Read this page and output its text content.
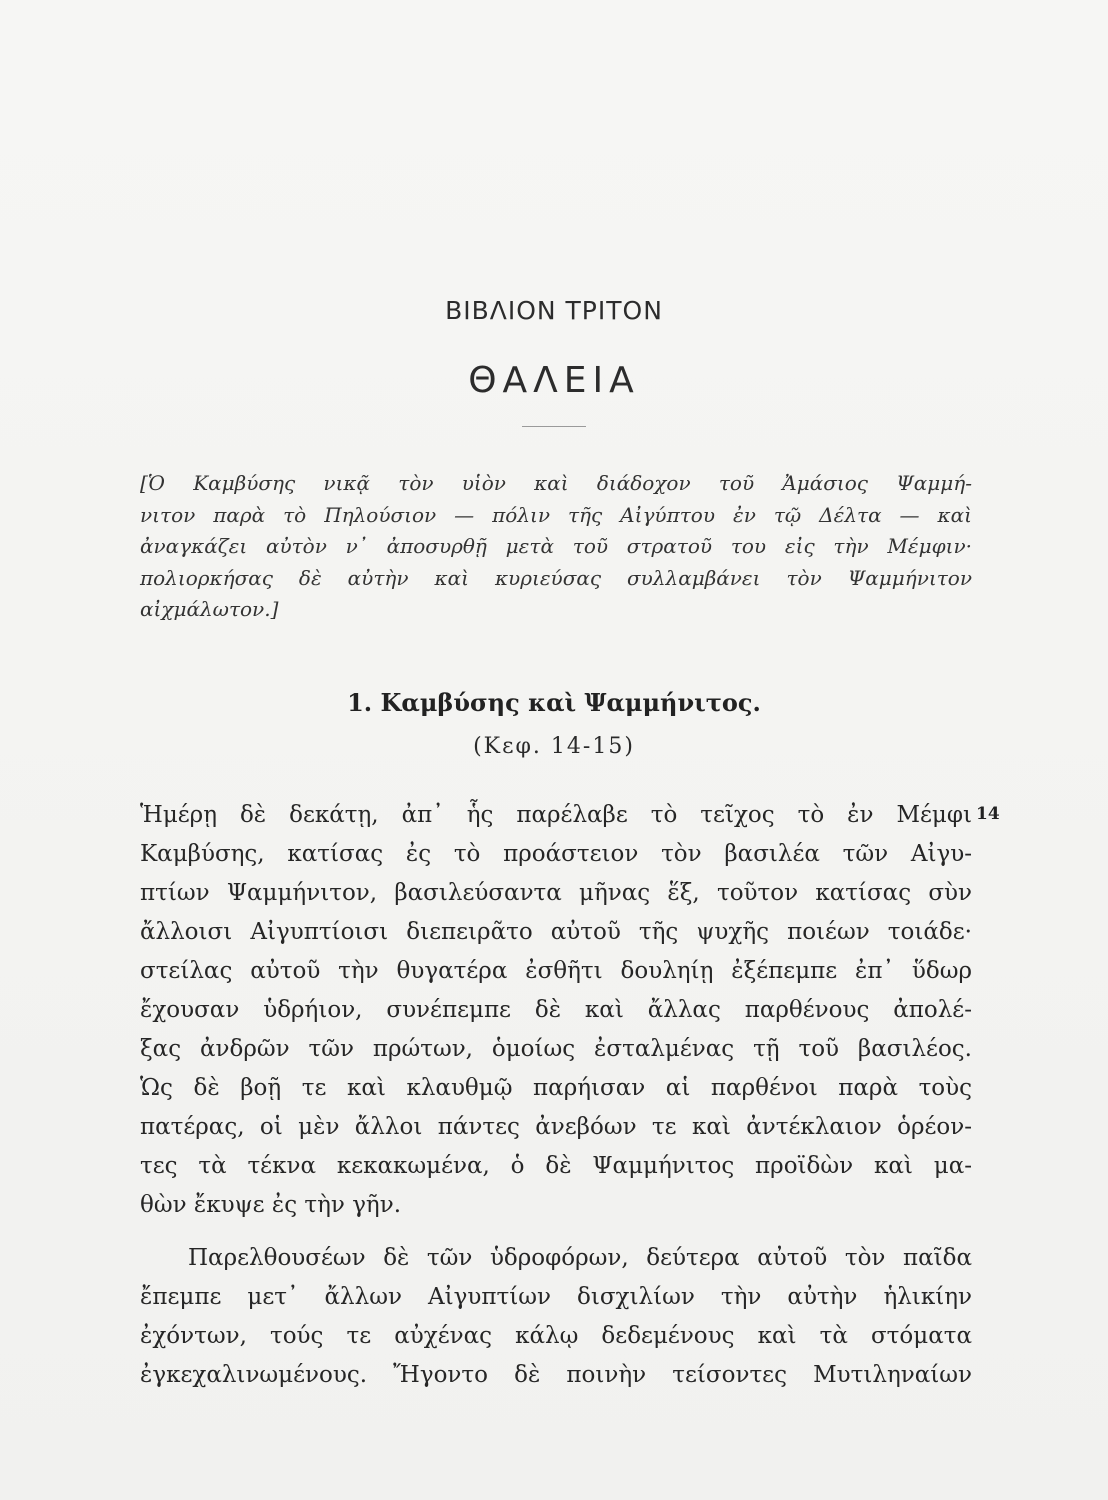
ΒΙΒΛΙΟΝ ΤΡΙΤΟΝ
ΘΑΛΕΙΑ
[Ὁ Καμβύσης νικᾷ τὸν υἱὸν καὶ διάδοχον τοῦ Ἀμάσιος Ψαμμή-
νιτον παρὰ τὸ Πηλούσιον — πόλιν τῆς Αἰγύπτου ἐν τῷ Δέλτα — καὶ
ἀναγκάζει αὐτὸν ν᾽ ἀποσυρθῇ μετὰ τοῦ στρατοῦ του εἰς τὴν Μέμφιν·
πολιορκήσας δὲ αὐτὴν καὶ κυριεύσας συλλαμβάνει τὸν Ψαμμήνιτον
αἰχμάλωτον.]
1. Καμβύσης καὶ Ψαμμήνιτος.
(Κεφ. 14-15)
14
Ἡμέρῃ δὲ δεκάτῃ, ἀπ᾽ ἧς παρέλαβε τὸ τεῖχος τὸ ἐν Μέμφι
Καμβύσης, κατίσας ἐς τὸ προάστειον τὸν βασιλέα τῶν Αἰγυ-
πτίων Ψαμμήνιτον, βασιλεύσαντα μῆνας ἕξ, τοῦτον κατίσας σὺν
ἄλλοισι Αἰγυπτίοισι διεπειρᾶτο αὐτοῦ τῆς ψυχῆς ποιέων τοιάδε·
στείλας αὐτοῦ τὴν θυγατέρα ἐσθῆτι δουληίῃ ἐξέπεμπε ἐπ᾽ ὕδωρ
ἔχουσαν ὑδρήιον, συνέπεμπε δὲ καὶ ἄλλας παρθένους ἀπολέ-
ξας ἀνδρῶν τῶν πρώτων, ὁμοίως ἐσταλμένας τῇ τοῦ βασιλέος.
Ὡς δὲ βοῇ τε καὶ κλαυθμῷ παρήισαν αἱ παρθένοι παρὰ τοὺς
πατέρας, οἱ μὲν ἄλλοι πάντες ἀνεβόων τε καὶ ἀντέκλαιον ὁρέον-
τες τὰ τέκνα κεκακωμένα, ὁ δὲ Ψαμμήνιτος προϊδὼν καὶ μα-
θὼν ἔκυψε ἐς τὴν γῆν.
Παρελθουσέων δὲ τῶν ὑδροφόρων, δεύτερα αὐτοῦ τὸν παῖδα
ἔπεμπε μετ᾽ ἄλλων Αἰγυπτίων δισχιλίων τὴν αὐτὴν ἡλικίην
ἐχόντων, τούς τε αὐχένας κάλῳ δεδεμένους καὶ τὰ στόματα
ἐγκεχαλινωμένους. Ἤγοντο δὲ ποινὴν τείσοντες Μυτιληναίων
